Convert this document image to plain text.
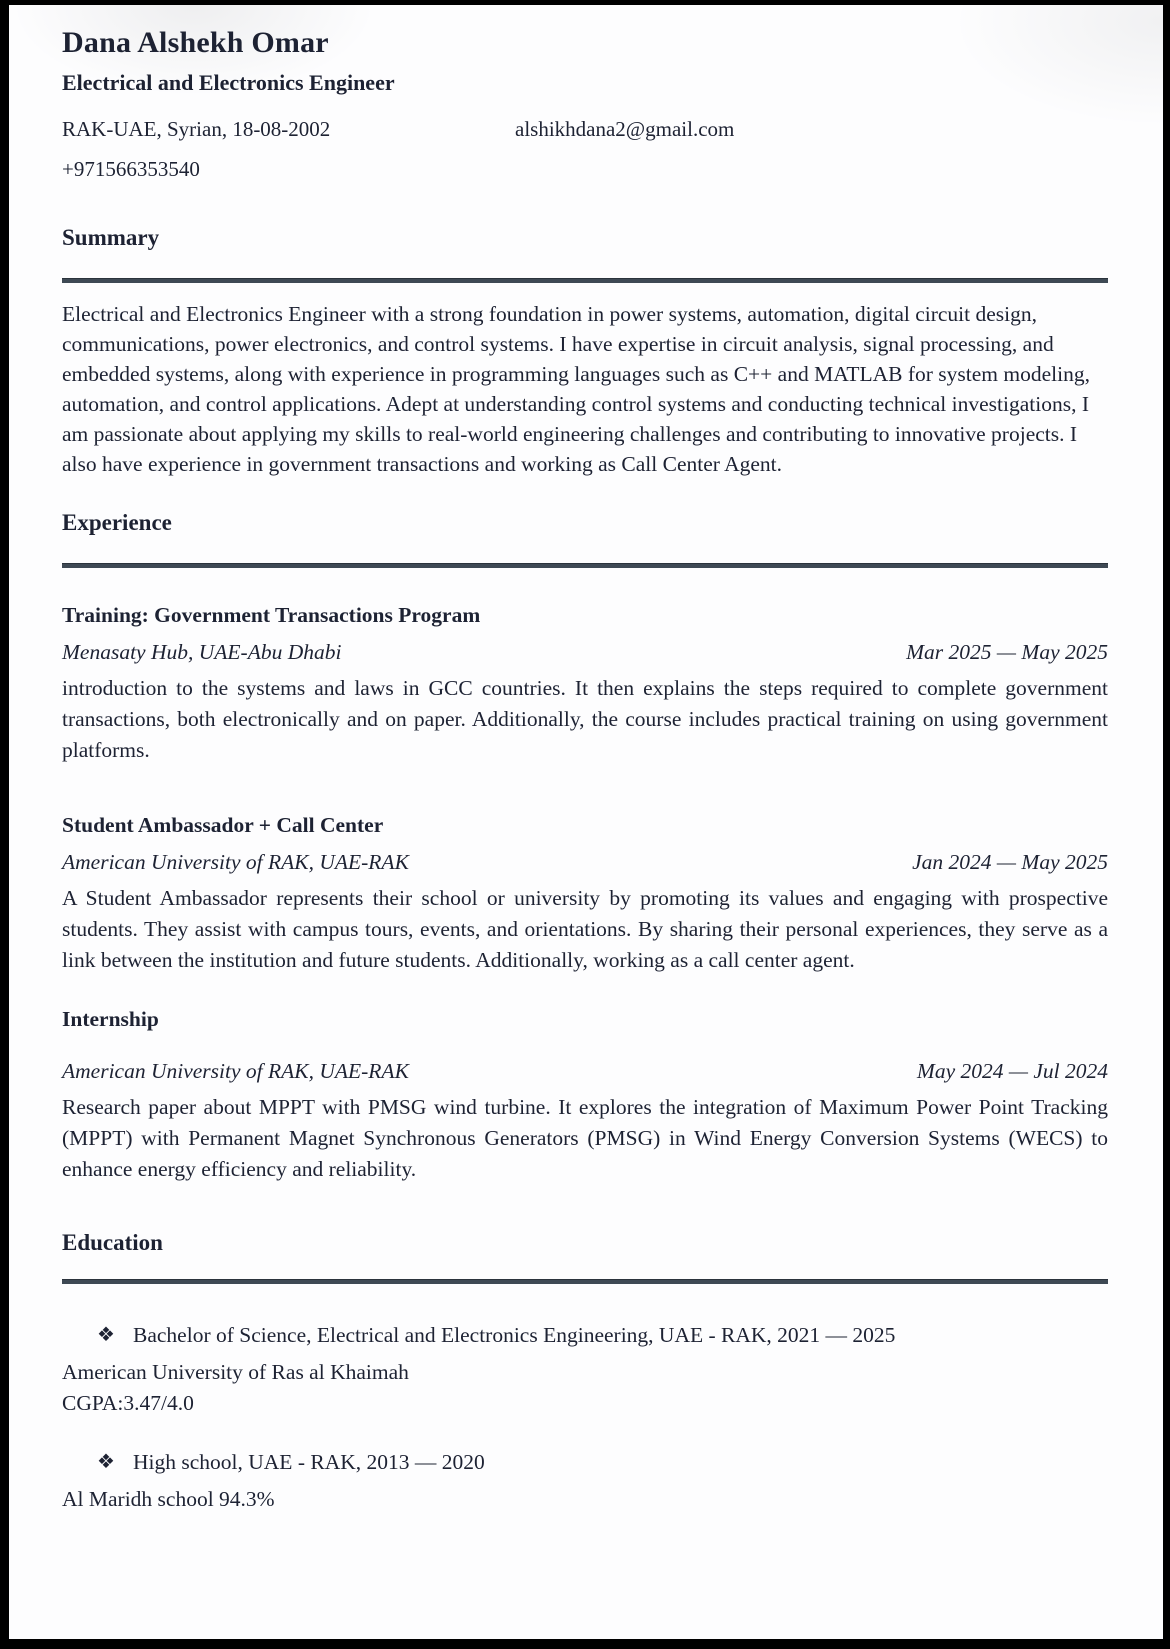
Dana Alshekh Omar
Electrical and Electronics Engineer
RAK-UAE, Syrian, 18-08-2002	alshikhdana2@gmail.com
+971566353540
Summary
Electrical and Electronics Engineer with a strong foundation in power systems, automation, digital circuit design, communications, power electronics, and control systems. I have expertise in circuit analysis, signal processing, and embedded systems, along with experience in programming languages such as C++ and MATLAB for system modeling, automation, and control applications. Adept at understanding control systems and conducting technical investigations, I am passionate about applying my skills to real-world engineering challenges and contributing to innovative projects. I also have experience in government transactions and working as Call Center Agent.
Experience
Training: Government Transactions Program
Menasaty Hub, UAE-Abu Dhabi	Mar 2025 — May 2025
introduction to the systems and laws in GCC countries. It then explains the steps required to complete government transactions, both electronically and on paper. Additionally, the course includes practical training on using government platforms.
Student Ambassador + Call Center
American University of RAK, UAE-RAK	Jan 2024 — May 2025
A Student Ambassador represents their school or university by promoting its values and engaging with prospective students. They assist with campus tours, events, and orientations. By sharing their personal experiences, they serve as a link between the institution and future students. Additionally, working as a call center agent.
Internship
American University of RAK, UAE-RAK	May 2024 — Jul 2024
Research paper about MPPT with PMSG wind turbine. It explores the integration of Maximum Power Point Tracking (MPPT) with Permanent Magnet Synchronous Generators (PMSG) in Wind Energy Conversion Systems (WECS) to enhance energy efficiency and reliability.
Education
❖ Bachelor of Science, Electrical and Electronics Engineering, UAE - RAK, 2021 — 2025
American University of Ras al Khaimah
CGPA:3.47/4.0
❖ High school, UAE - RAK, 2013 — 2020
Al Maridh school 94.3%
